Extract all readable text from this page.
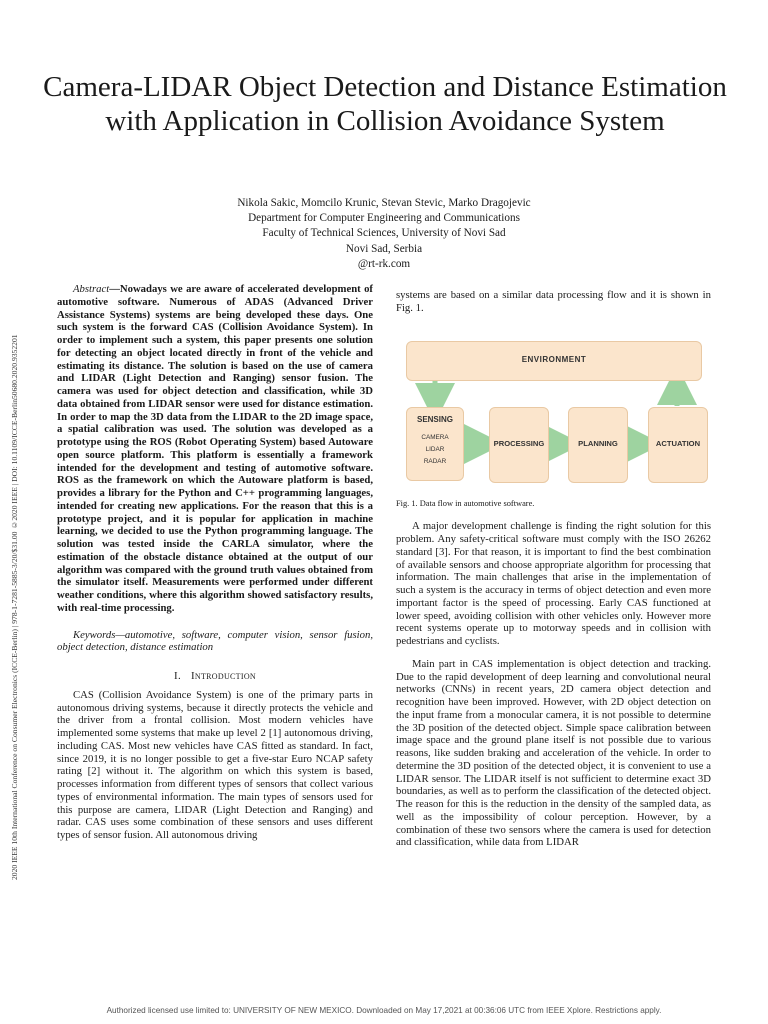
2020 IEEE 10th International Conference on Consumer Electronics (ICCE-Berlin) | 978-1-7281-5885-3/20/$31.00 ©2020 IEEE | DOI: 10.1109/ICCE-Berlin50680.2020.9352201
Camera-LIDAR Object Detection and Distance Estimation with Application in Collision Avoidance System
Nikola Sakic, Momcilo Krunic, Stevan Stevic, Marko Dragojevic
Department for Computer Engineering and Communications
Faculty of Technical Sciences, University of Novi Sad
Novi Sad, Serbia
@rt-rk.com

Abstract—Nowadays we are aware of accelerated development of automotive software. Numerous of ADAS (Advanced Driver Assistance Systems) systems are being developed these days. One such system is the forward CAS (Collision Avoidance System). In order to implement such a system, this paper presents one solution for detecting an object located directly in front of the vehicle and estimating its distance. The solution is based on the use of camera and LIDAR (Light Detection and Ranging) sensor fusion. The camera was used for object detection and classification, while 3D data obtained from LIDAR sensor were used for distance estimation. In order to map the 3D data from the LIDAR to the 2D image space, a spatial calibration was used. The solution was developed as a prototype using the ROS (Robot Operating System) based Autoware open source platform. This platform is essentially a framework intended for the development and testing of automotive software. ROS as the framework on which the Autoware platform is based, provides a library for the Python and C++ programming languages, intended for creating new applications. For the reason that this is a prototype project, and it is popular for application in machine learning, we decided to use the Python programming language. The solution was tested inside the CARLA simulator, where the estimation of the obstacle distance obtained at the output of our algorithm was compared with the ground truth values obtained from the simulator itself. Measurements were performed under different weather conditions, where this algorithm showed satisfactory results, with real-time processing.

Keywords—automotive, software, computer vision, sensor fusion, object detection, distance estimation

I. Introduction

CAS (Collision Avoidance System) is one of the primary parts in autonomous driving systems, because it directly protects the vehicle and the driver from a frontal collision. Most modern vehicles have implemented some systems that make up level 2 [1] autonomous driving, including CAS. Most new vehicles have CAS fitted as standard. In fact, since 2019, it is no longer possible to get a five-star Euro NCAP safety rating [2] without it. The algorithm on which this system is based, processes information from different types of sensors that collect various types of environmental information. The main types of sensors used for this purpose are camera, LIDAR (Light Detection and Ranging) and radar. CAS uses some combination of these sensors and uses different types of sensor fusion. All autonomous driving

systems are based on a similar data processing flow and it is shown in Fig. 1.

ENVIRONMENT
SENSING
CAMERA
LIDAR
RADAR
PROCESSING	PLANNING	ACTUATION
Fig. 1. Data flow in automotive software.

A major development challenge is finding the right solution for this problem. Any safety-critical software must comply with the ISO 26262 standard [3]. For that reason, it is important to find the best combination of available sensors and choose appropriate algorithm for processing that information. The main challenges that arise in the implementation of such a system is the accuracy in terms of object detection and even more important factor is the speed of processing. Early CAS functioned at lower speed, avoiding collision with other vehicles only. However more recent systems operate up to motorway speeds and in collision with pedestrians and cyclists.

Main part in CAS implementation is object detection and tracking. Due to the rapid development of deep learning and convolutional neural networks (CNNs) in recent years, 2D camera object detection and recognition have been improved. However, with 2D object detection on the input frame from a monocular camera, it is not possible to determine the 3D position of the detected object. Simple space calibration between image space and the ground plane itself is not possible due to various reasons, like sudden braking and acceleration of the vehicle. In order to determine the 3D position of the detected object, it is convenient to use a LIDAR sensor. The LIDAR itself is not sufficient to determine exact 3D boundaries, as well as to perform the classification of the detected object. The reason for this is the reduction in the density of the sampled data, as well as the impossibility of colour perception. However, by a combination of these two sensors where the camera is used for detection and classification, while data from LIDAR

Authorized licensed use limited to: UNIVERSITY OF NEW MEXICO. Downloaded on May 17,2021 at 00:36:06 UTC from IEEE Xplore. Restrictions apply.
